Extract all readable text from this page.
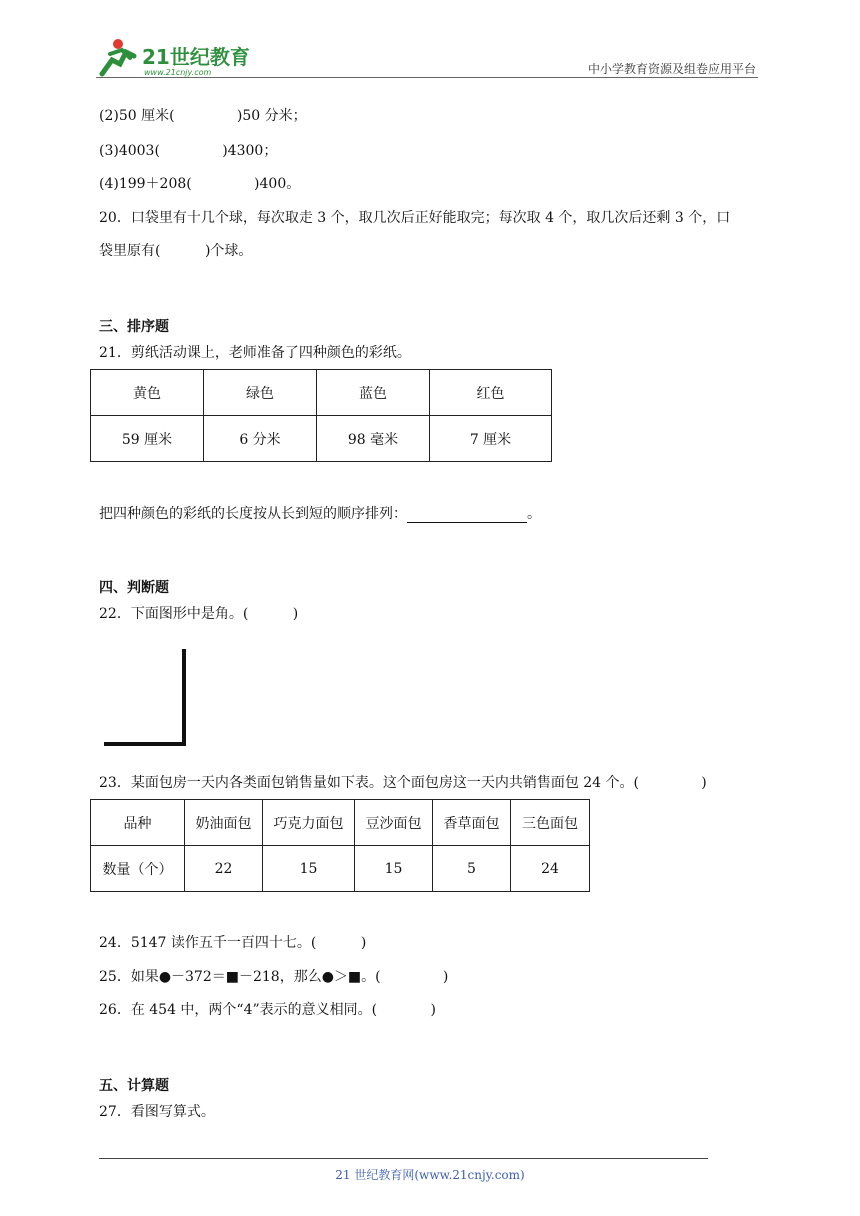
21世纪教育
www.21cnjy.com	中小学教育资源及组卷应用平台
(2)50 厘米(              )50 分米；
(3)4003(              )4300；
(4)199＋208(              )400。
20．口袋里有十几个球，每次取走 3 个，取几次后正好能取完；每次取 4 个，取几次后还剩 3 个，口
袋里原有(          )个球。
三、排序题
21．剪纸活动课上，老师准备了四种颜色的彩纸。
黄色	绿色	蓝色	红色
59 厘米	6 分米	98 毫米	7 厘米
把四种颜色的彩纸的长度按从长到短的顺序排列：	。
四、判断题
22．下面图形中是角。(          )
23．某面包房一天内各类面包销售量如下表。这个面包房这一天内共销售面包 24 个。(              )
品种	奶油面包	巧克力面包	豆沙面包	香草面包	三色面包
数量（个）	22	15	15	5	24
24．5147 读作五千一百四十七。(          )
25．如果●－372＝■－218，那么●＞■。(              )
26．在 454 中，两个“4”表示的意义相同。(            )
五、计算题
27．看图写算式。
21 世纪教育网(www.21cnjy.com)
